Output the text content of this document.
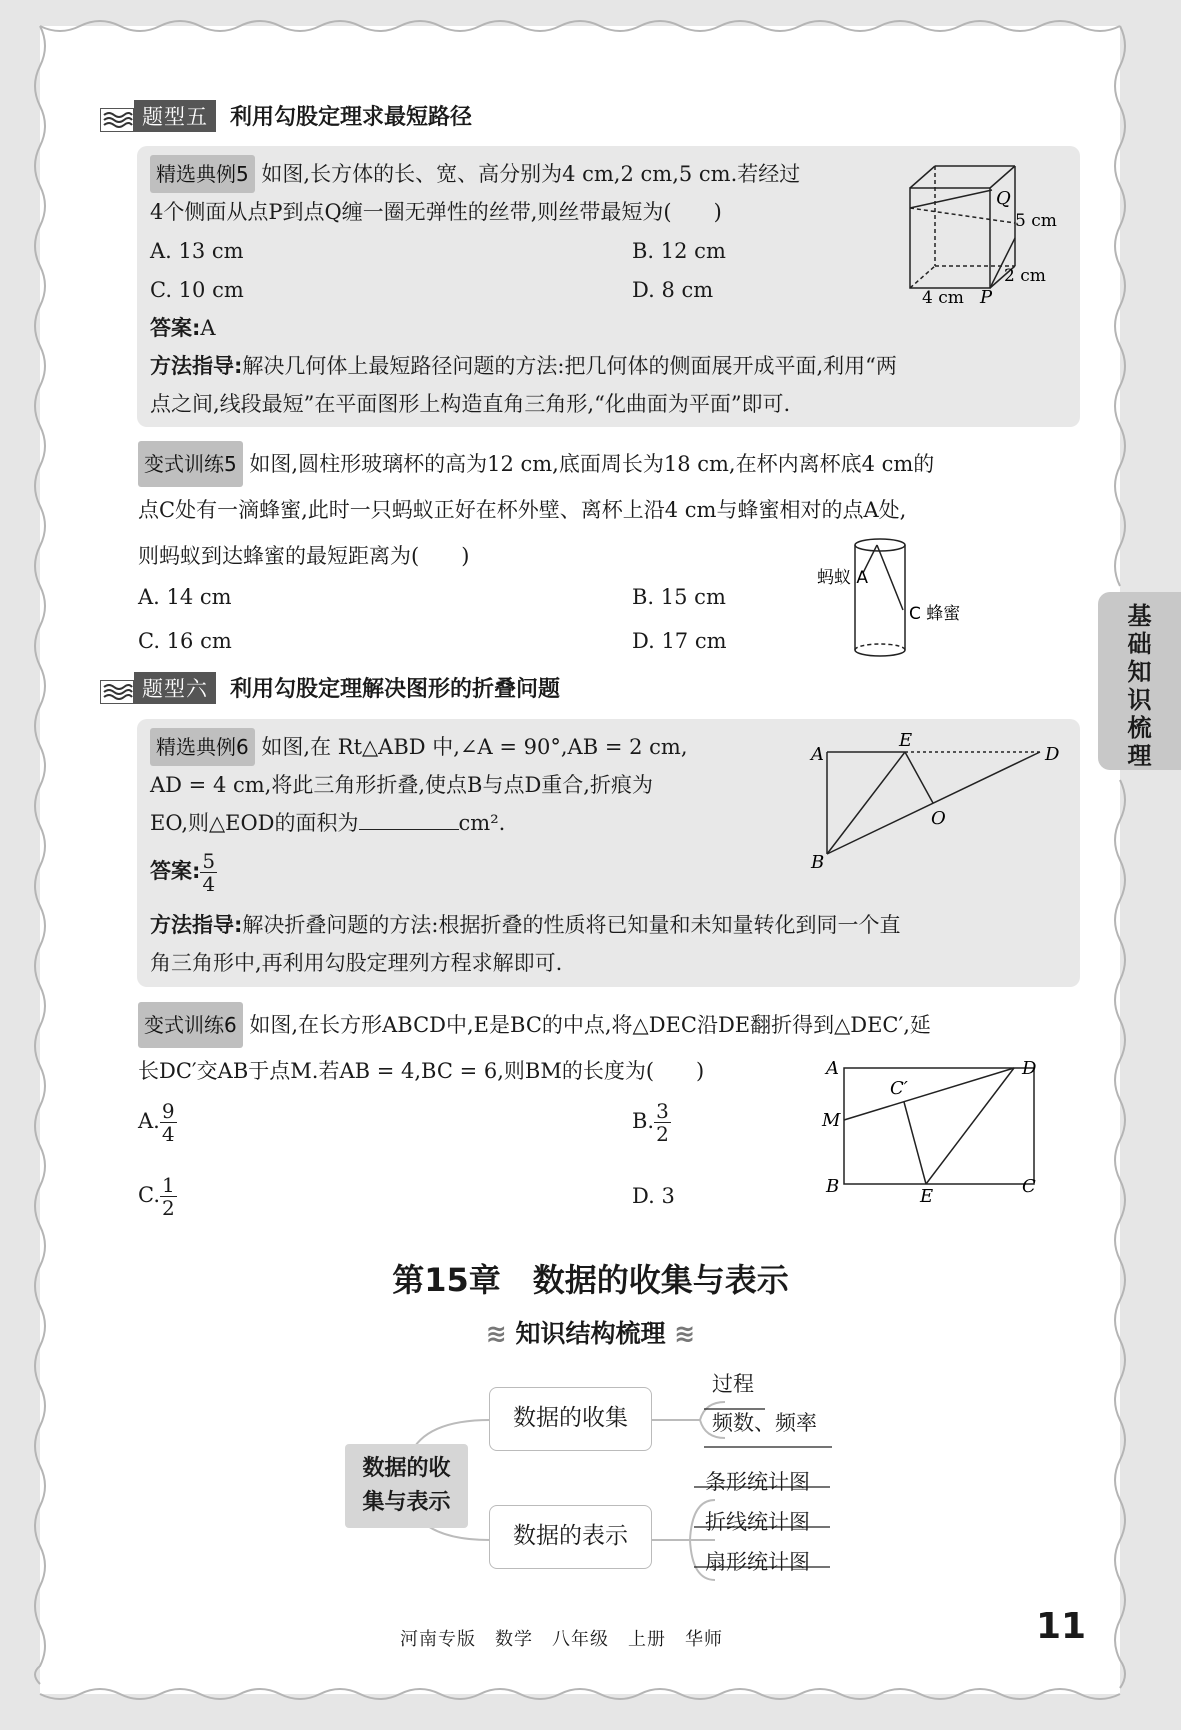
题型五 利用勾股定理求最短路径
精选典例5 如图,长方体的长、宽、高分别为4 cm,2 cm,5 cm.若经过
4个侧面从点P到点Q缠一圈无弹性的丝带,则丝带最短为(　　)
A. 13 cm	B. 12 cm
C. 10 cm	D. 8 cm
答案:A
方法指导:解决几何体上最短路径问题的方法:把几何体的侧面展开成平面,利用“两
点之间,线段最短”在平面图形上构造直角三角形,“化曲面为平面”即可.
Q
P
5 cm
2 cm
4 cm
变式训练5 如图,圆柱形玻璃杯的高为12 cm,底面周长为18 cm,在杯内离杯底4 cm的
点C处有一滴蜂蜜,此时一只蚂蚁正好在杯外壁、离杯上沿4 cm与蜂蜜相对的点A处,
则蚂蚁到达蜂蜜的最短距离为(　　)
A. 14 cm	B. 15 cm
C. 16 cm	D. 17 cm
蚂蚁 A
C 蜂蜜
题型六 利用勾股定理解决图形的折叠问题
精选典例6 如图,在 Rt△ABD 中,∠A = 90°,AB = 2 cm,
AD = 4 cm,将此三角形折叠,使点B与点D重合,折痕为
EO,则△EOD的面积为	cm².
答案: $\frac{5}{4}$
方法指导:解决折叠问题的方法:根据折叠的性质将已知量和未知量转化到同一个直
角三角形中,再利用勾股定理列方程求解即可.
A
E
D
O
B
变式训练6 如图,在长方形ABCD中,E是BC的中点,将△DEC沿DE翻折得到△DEC′,延
长DC′交AB于点M.若AB = 4,BC = 6,则BM的长度为(　　)
A. $\frac{9}{4}$	B. $\frac{3}{2}$
C. $\frac{1}{2}$	D. 3
A	D
C′
M
B	E	C
第15章　数据的收集与表示
≋ 知识结构梳理 ≋
数据的收
集与表示
数据的收集
数据的表示
过程
频数、频率
条形统计图
折线统计图
扇形统计图
基
础
知
识
梳
理
河南专版　数学　八年级　上册　华师	11
